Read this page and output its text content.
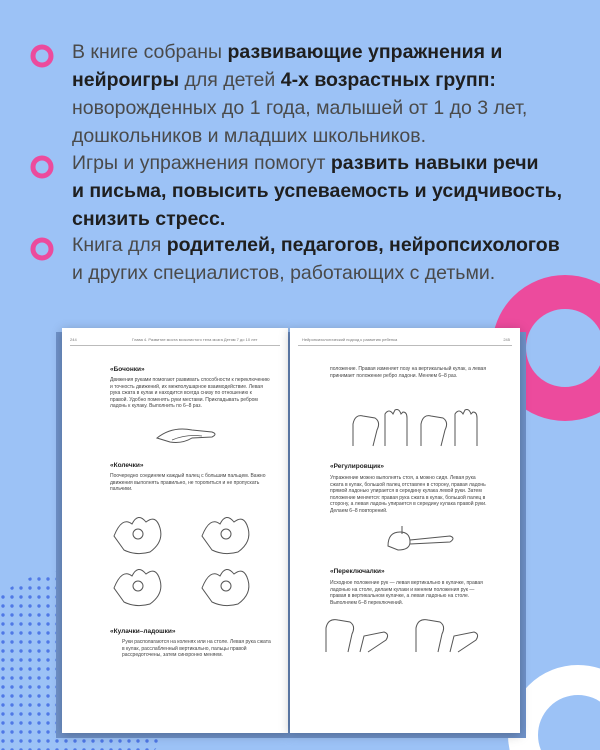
В книге собраны развивающие упражнения и
нейроигры для детей 4-х возрастных групп:
новорожденных до 1 года, малышей от 1 до 3 лет,
дошкольников и младших школьников.
Игры и упражнения помогут развить навыки речи
и письма, повысить успеваемость и усидчивость,
снизить стресс.
Книга для родителей, педагогов, нейропсихологов
и других специалистов, работающих с детьми.
244	Глава 4. Развитие моста мозолистого тела мозга Детям 7 до 10 лет
«Бочонки»
Движения руками помогают развивать способности к переключению и точность движений, их межполушарное взаимодействие. Левая рука сжата в кулак и находится всегда снизу по отношению к правой. Удобно поменять руки местами. Прикладывать ребром ладонь к кулаку. Выполнить по 6–8 раз.
«Колечки»
Поочередно соединяем каждый палец с большим пальцем. Важно движения выполнять правильно, не торопиться и не пропускать пальчики.
«Кулачки–ладошки»
Руки располагаются на коленях или на столе. Левая рука сжата в кулак, расслабленный вертикально, пальцы правой рассредоточены, затем синхронно меняем.
Нейропсихологический подход к развитию ребенка	245
положение. Правая изменяет позу на вертикальный кулак, а левая принимает положение ребро ладони. Меняем 6–8 раз.
«Регулировщик»
Упражнение можно выполнять стоя, а можно сидя. Левая рука сжата в кулак, большой палец отставлен в сторону, правая ладонь прямой ладонью упирается в середину кулака левой руки. Затем положение меняется: правая рука сжата в кулак, большой палец в сторону, а левая ладонь упирается в середину кулака правой руки. Делаем 6–8 повторений.
«Переключалки»
Исходное положение рук — левая вертикально в кулачке, правая ладонью на столе, делаем кулаки и меняем положения рук — правая в вертикальном кулачке, а левая ладонью на столе. Выполняем 6–8 переключений.
